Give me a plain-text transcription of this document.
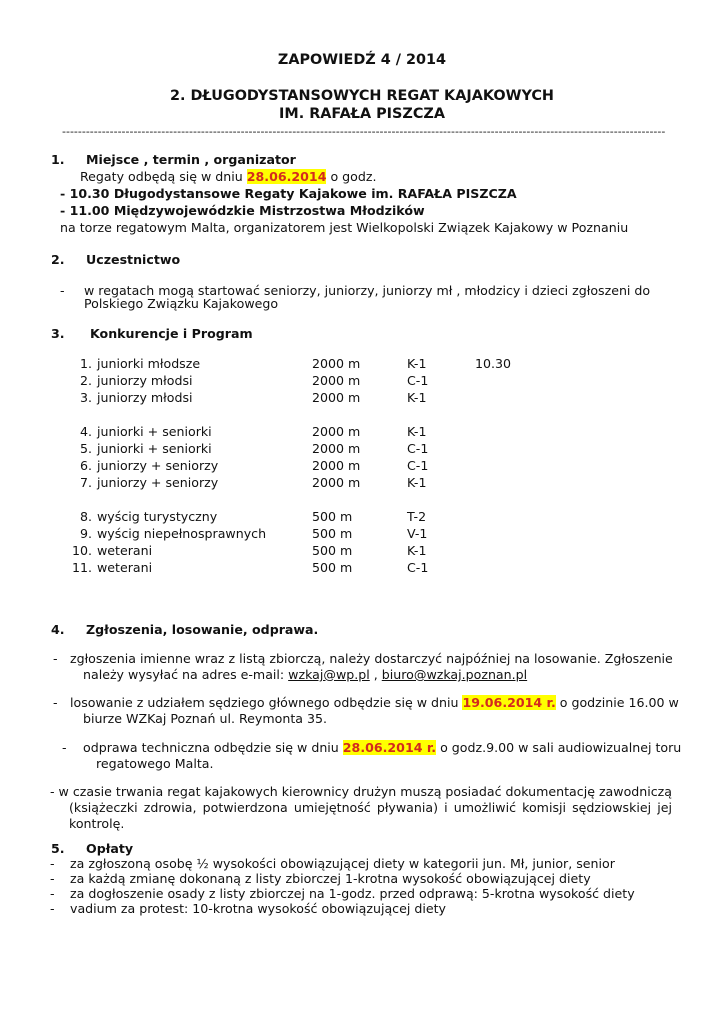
ZAPOWIEDŹ 4 / 2014
2. DŁUGODYSTANSOWYCH REGAT KAJAKOWYCH
IM. RAFAŁA PISZCZA
--------------------------------------------------------------------------------------------------------------------------------------------------------
1. Miejsce , termin , organizator
Regaty odbędą się w dniu 28.06.2014 o godz.
- 10.30 Długodystansowe Regaty Kajakowe im. RAFAŁA PISZCZA
- 11.00 Międzywojewódzkie Mistrzostwa Młodzików
na torze regatowym Malta, organizatorem jest Wielkopolski Związek Kajakowy w Poznaniu
2. Uczestnictwo
- w regatach mogą startować seniorzy, juniorzy, juniorzy mł , młodzicy i dzieci zgłoszeni do
Polskiego Związku Kajakowego
3. Konkurencje i Program
1. juniorki młodsze	2000 m	K-1	10.30
2. juniorzy młodsi	2000 m	C-1
3. juniorzy młodsi	2000 m	K-1
4. juniorki + seniorki	2000 m	K-1
5. juniorki + seniorki	2000 m	C-1
6. juniorzy + seniorzy	2000 m	C-1
7. juniorzy + seniorzy	2000 m	K-1
8. wyścig turystyczny	500 m	T-2
9. wyścig niepełnosprawnych	500 m	V-1
10. weterani	500 m	K-1
11. weterani	500 m	C-1
4. Zgłoszenia, losowanie, odprawa.
- zgłoszenia imienne wraz z listą zbiorczą, należy dostarczyć najpóźniej na losowanie. Zgłoszenie
należy wysyłać na adres e-mail: wzkaj@wp.pl , biuro@wzkaj.poznan.pl
- losowanie z udziałem sędziego głównego odbędzie się w dniu 19.06.2014 r. o godzinie 16.00 w
biurze WZKaj Poznań ul. Reymonta 35.
- odprawa techniczna odbędzie się w dniu 28.06.2014 r. o godz.9.00 w sali audiowizualnej toru
regatowego Malta.
- w czasie trwania regat kajakowych kierownicy drużyn muszą posiadać dokumentację zawodniczą
(książeczki zdrowia, potwierdzona umiejętność pływania) i umożliwić komisji sędziowskiej jej
kontrolę.
5. Opłaty
- za zgłoszoną osobę ½ wysokości obowiązującej diety w kategorii jun. Mł, junior, senior
- za każdą zmianę dokonaną z listy zbiorczej 1-krotna wysokość obowiązującej diety
- za dogłoszenie osady z listy zbiorczej na 1-godz. przed odprawą: 5-krotna wysokość diety
- vadium za protest: 10-krotna wysokość obowiązującej diety
